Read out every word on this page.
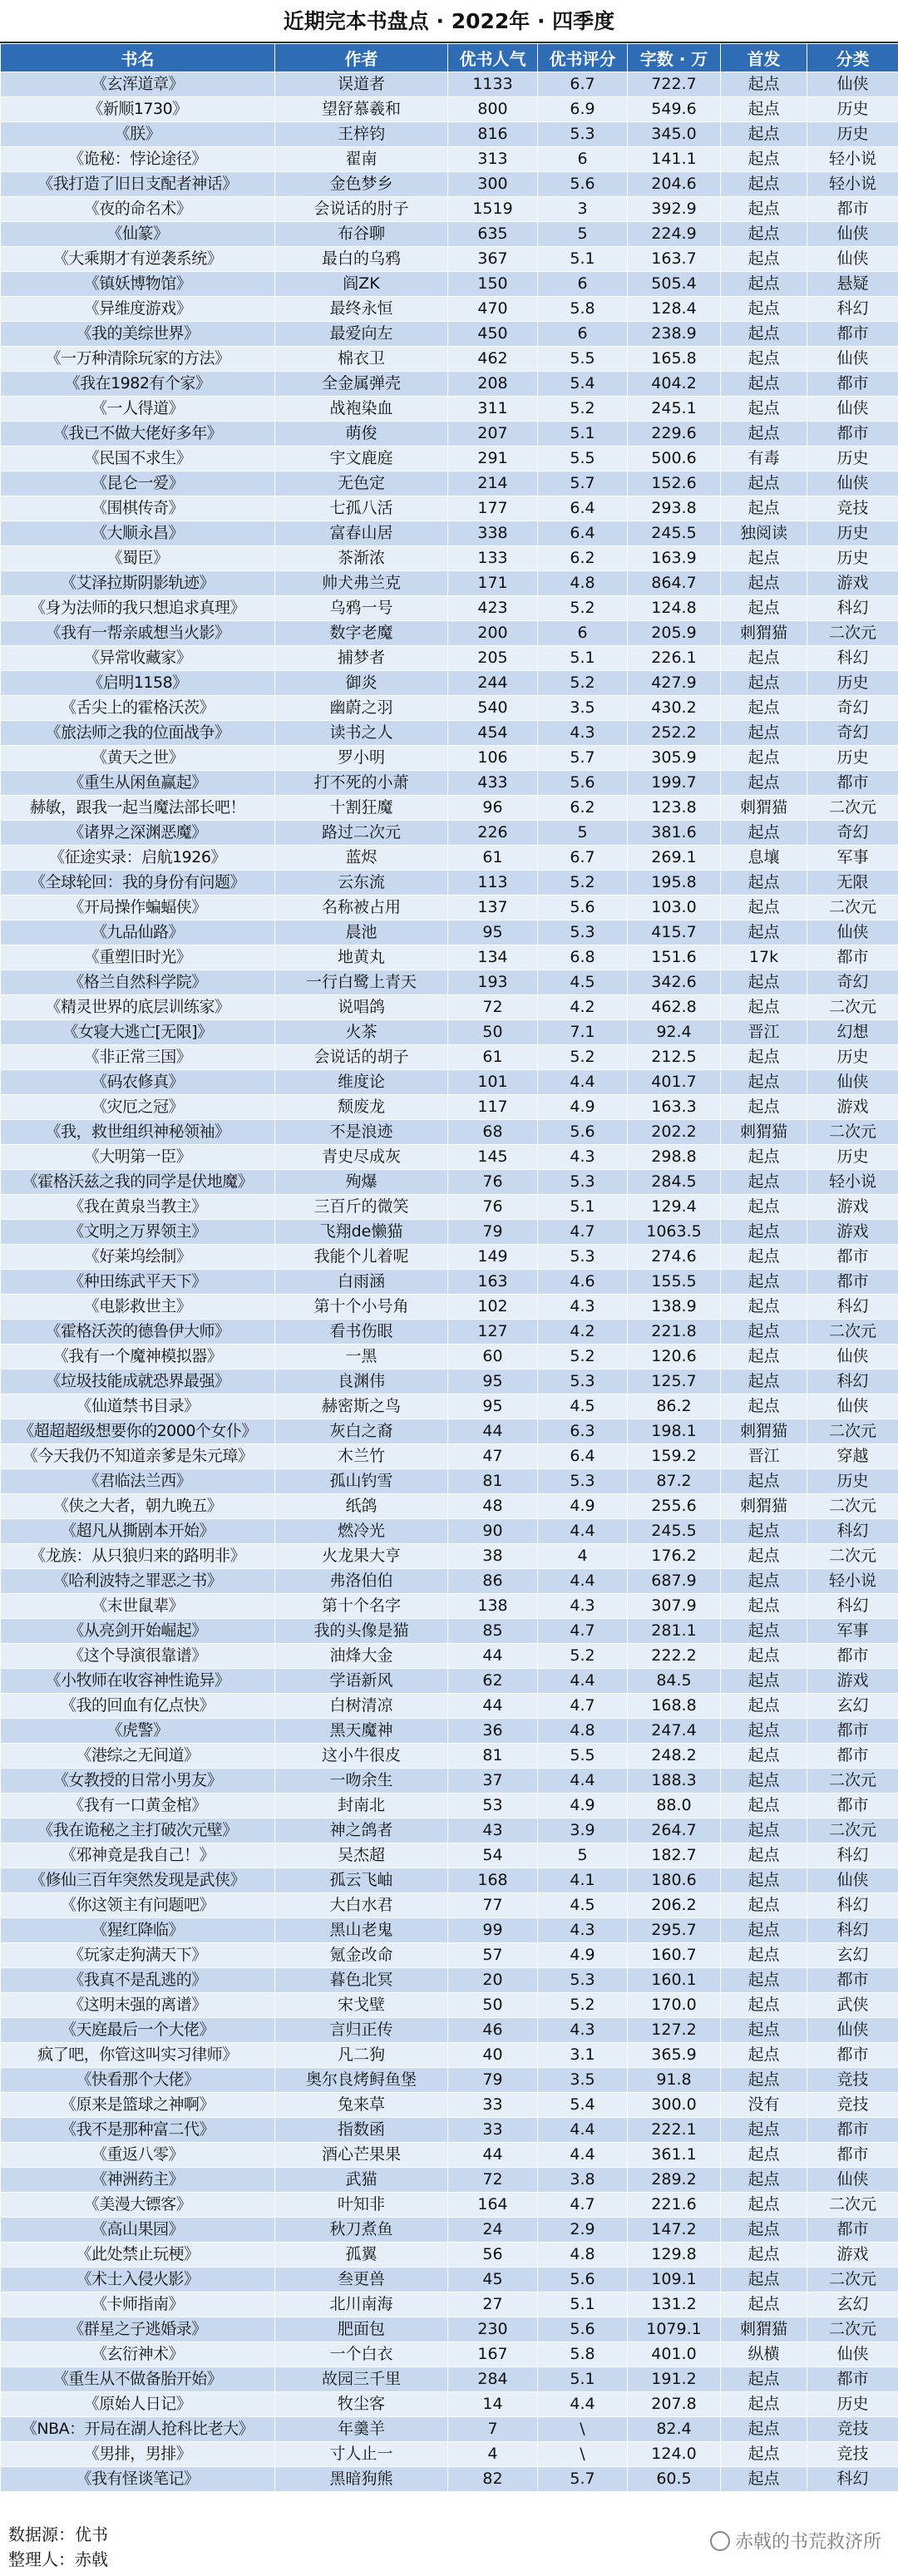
近期完本书盘点 · 2022年 · 四季度
书名	作者	优书人气	优书评分	字数 · 万	首发	分类
《玄浑道章》	误道者	1133	6.7	722.7	起点	仙侠
《新顺1730》	望舒慕羲和	800	6.9	549.6	起点	历史
《朕》	王梓钧	816	5.3	345.0	起点	历史
《诡秘：悖论途径》	翟南	313	6	141.1	起点	轻小说
《我打造了旧日支配者神话》	金色梦乡	300	5.6	204.6	起点	轻小说
《夜的命名术》	会说话的肘子	1519	3	392.9	起点	都市
《仙篆》	布谷聊	635	5	224.9	起点	仙侠
《大乘期才有逆袭系统》	最白的乌鸦	367	5.1	163.7	起点	仙侠
《镇妖博物馆》	阎ZK	150	6	505.4	起点	悬疑
《异维度游戏》	最终永恒	470	5.8	128.4	起点	科幻
《我的美综世界》	最爱向左	450	6	238.9	起点	都市
《一万种清除玩家的方法》	棉衣卫	462	5.5	165.8	起点	仙侠
《我在1982有个家》	全金属弹壳	208	5.4	404.2	起点	都市
《一人得道》	战袍染血	311	5.2	245.1	起点	仙侠
《我已不做大佬好多年》	萌俊	207	5.1	229.6	起点	都市
《民国不求生》	宇文鹿庭	291	5.5	500.6	有毒	历史
《昆仑一爱》	无色定	214	5.7	152.6	起点	仙侠
《围棋传奇》	七孤八活	177	6.4	293.8	起点	竞技
《大顺永昌》	富春山居	338	6.4	245.5	独阅读	历史
《蜀臣》	茶渐浓	133	6.2	163.9	起点	历史
《艾泽拉斯阴影轨迹》	帅犬弗兰克	171	4.8	864.7	起点	游戏
《身为法师的我只想追求真理》	乌鸦一号	423	5.2	124.8	起点	科幻
《我有一帮亲戚想当火影》	数字老魔	200	6	205.9	刺猬猫	二次元
《异常收藏家》	捕梦者	205	5.1	226.1	起点	科幻
《启明1158》	御炎	244	5.2	427.9	起点	历史
《舌尖上的霍格沃茨》	幽蔚之羽	540	3.5	430.2	起点	奇幻
《旅法师之我的位面战争》	读书之人	454	4.3	252.2	起点	奇幻
《黄天之世》	罗小明	106	5.7	305.9	起点	历史
《重生从闲鱼赢起》	打不死的小萧	433	5.6	199.7	起点	都市
赫敏，跟我一起当魔法部长吧！	十割狂魔	96	6.2	123.8	刺猬猫	二次元
《诸界之深渊恶魔》	路过二次元	226	5	381.6	起点	奇幻
《征途实录：启航1926》	蓝烬	61	6.7	269.1	息壤	军事
《全球轮回：我的身份有问题》	云东流	113	5.2	195.8	起点	无限
《开局操作蝙蝠侠》	名称被占用	137	5.6	103.0	起点	二次元
《九品仙路》	晨池	95	5.3	415.7	起点	仙侠
《重塑旧时光》	地黄丸	134	6.8	151.6	17k	都市
《格兰自然科学院》	一行白鹭上青天	193	4.5	342.6	起点	奇幻
《精灵世界的底层训练家》	说唱鸽	72	4.2	462.8	起点	二次元
《女寝大逃亡[无限]》	火茶	50	7.1	92.4	晋江	幻想
《非正常三国》	会说话的胡子	61	5.2	212.5	起点	历史
《码农修真》	维度论	101	4.4	401.7	起点	仙侠
《灾厄之冠》	颓废龙	117	4.9	163.3	起点	游戏
《我，救世组织神秘领袖》	不是浪迹	68	5.6	202.2	刺猬猫	二次元
《大明第一臣》	青史尽成灰	145	4.3	298.8	起点	历史
《霍格沃兹之我的同学是伏地魔》	殉爆	76	5.3	284.5	起点	轻小说
《我在黄泉当教主》	三百斤的微笑	76	5.1	129.4	起点	游戏
《文明之万界领主》	飞翔de懒猫	79	4.7	1063.5	起点	游戏
《好莱坞绘制》	我能个儿着呢	149	5.3	274.6	起点	都市
《种田练武平天下》	白雨涵	163	4.6	155.5	起点	都市
《电影救世主》	第十个小号角	102	4.3	138.9	起点	科幻
《霍格沃茨的德鲁伊大师》	看书伤眼	127	4.2	221.8	起点	二次元
《我有一个魔神模拟器》	一黑	60	5.2	120.6	起点	仙侠
《垃圾技能成就恐界最强》	良渊伟	95	5.3	125.7	起点	科幻
《仙道禁书目录》	赫密斯之鸟	95	4.5	86.2	起点	仙侠
《超超超级想要你的2000个女仆》	灰白之裔	44	6.3	198.1	刺猬猫	二次元
《今天我仍不知道亲爹是朱元璋》	木兰竹	47	6.4	159.2	晋江	穿越
《君临法兰西》	孤山钓雪	81	5.3	87.2	起点	历史
《侠之大者，朝九晚五》	纸鸽	48	4.9	255.6	刺猬猫	二次元
《超凡从撕剧本开始》	燃冷光	90	4.4	245.5	起点	科幻
《龙族：从只狼归来的路明非》	火龙果大亨	38	4	176.2	起点	二次元
《哈利波特之罪恶之书》	弗洛伯伯	86	4.4	687.9	起点	轻小说
《末世鼠辈》	第十个名字	138	4.3	307.9	起点	科幻
《从亮剑开始崛起》	我的头像是猫	85	4.7	281.1	起点	军事
《这个导演很靠谱》	油烽大金	44	5.2	222.2	起点	都市
《小牧师在收容神性诡异》	学语新风	62	4.4	84.5	起点	游戏
《我的回血有亿点快》	白树清凉	44	4.7	168.8	起点	玄幻
《虎警》	黑天魔神	36	4.8	247.4	起点	都市
《港综之无间道》	这小牛很皮	81	5.5	248.2	起点	都市
《女教授的日常小男友》	一吻余生	37	4.4	188.3	起点	二次元
《我有一口黄金棺》	封南北	53	4.9	88.0	起点	都市
《我在诡秘之主打破次元壁》	神之鸽者	43	3.9	264.7	起点	二次元
《邪神竟是我自己！》	吴杰超	54	5	182.7	起点	科幻
《修仙三百年突然发现是武侠》	孤云飞岫	168	4.1	180.6	起点	仙侠
《你这领主有问题吧》	大白水君	77	4.5	206.2	起点	科幻
《猩红降临》	黑山老鬼	99	4.3	295.7	起点	科幻
《玩家走狗满天下》	氪金改命	57	4.9	160.7	起点	玄幻
《我真不是乱逃的》	暮色北冥	20	5.3	160.1	起点	都市
《这明末强的离谱》	宋戈壁	50	5.2	170.0	起点	武侠
《天庭最后一个大佬》	言归正传	46	4.3	127.2	起点	仙侠
疯了吧，你管这叫实习律师》	凡二狗	40	3.1	365.9	起点	都市
《快看那个大佬》	奥尔良烤鲟鱼堡	79	3.5	91.8	起点	竞技
《原来是篮球之神啊》	兔来草	33	5.4	300.0	没有	竞技
《我不是那种富二代》	指数函	33	4.4	222.1	起点	都市
《重返八零》	酒心芒果果	44	4.4	361.1	起点	都市
《神洲药主》	武猫	72	3.8	289.2	起点	仙侠
《美漫大镖客》	叶知非	164	4.7	221.6	起点	二次元
《高山果园》	秋刀煮鱼	24	2.9	147.2	起点	都市
《此处禁止玩梗》	孤翼	56	4.8	129.8	起点	游戏
《术士入侵火影》	叁更兽	45	5.6	109.1	起点	二次元
《卡师指南》	北川南海	27	5.1	131.2	起点	玄幻
《群星之子逃婚录》	肥面包	230	5.6	1079.1	刺猬猫	二次元
《玄衍神术》	一个白衣	167	5.8	401.0	纵横	仙侠
《重生从不做备胎开始》	故园三千里	284	5.1	191.2	起点	都市
《原始人日记》	牧尘客	14	4.4	207.8	起点	历史
《NBA：开局在湖人抢科比老大》	年羹羊	7	\	82.4	起点	竞技
《男排，男排》	寸人止一	4	\	124.0	起点	竞技
《我有怪谈笔记》	黑暗狗熊	82	5.7	60.5	起点	科幻
数据源：优书
整理人：赤戟
赤戟的书荒救济所
